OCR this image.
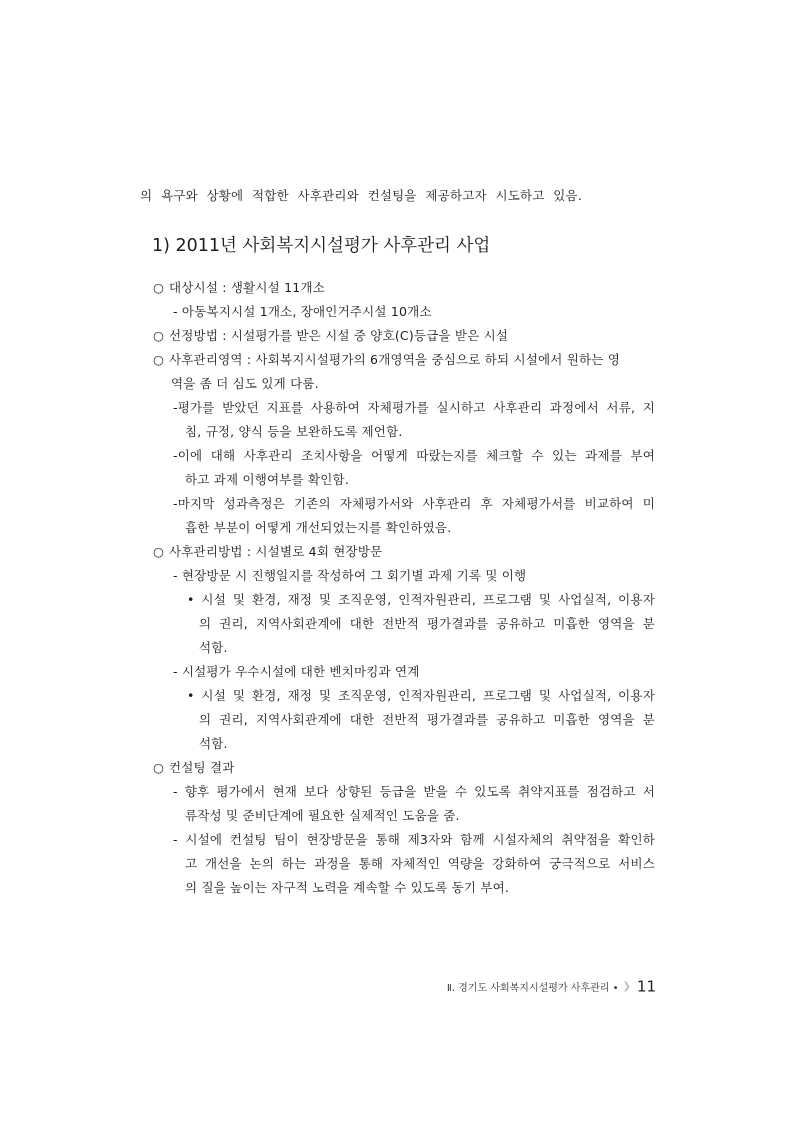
의 욕구와 상황에 적합한 사후관리와 컨설팅을 제공하고자 시도하고 있음.
1) 2011년 사회복지시설평가 사후관리 사업
○ 대상시설 : 생활시설 11개소
- 아동복지시설 1개소, 장애인거주시설 10개소
○ 선정방법 : 시설평가를 받은 시설 중 양호(C)등급을 받은 시설
○ 사후관리영역 : 사회복지시설평가의 6개영역을 중심으로 하되 시설에서 원하는 영
역을 좀 더 심도 있게 다룸.
-평가를 받았던 지표를 사용하여 자체평가를 실시하고 사후관리 과정에서 서류, 지
침, 규정, 양식 등을 보완하도록 제언함.
-이에 대해 사후관리 조치사항을 어떻게 따랐는지를 체크할 수 있는 과제를 부여
하고 과제 이행여부를 확인함.
-마지막 성과측정은 기존의 자체평가서와 사후관리 후 자체평가서를 비교하여 미
흡한 부분이 어떻게 개선되었는지를 확인하였음.
○ 사후관리방법 : 시설별로 4회 현장방문
- 현장방문 시 진행일지를 작성하여 그 회기별 과제 기록 및 이행
• 시설 및 환경, 재정 및 조직운영, 인적자원관리, 프로그램 및 사업실적, 이용자
의 권리, 지역사회관계에 대한 전반적 평가결과를 공유하고 미흡한 영역을 분
석함.
- 시설평가 우수시설에 대한 벤치마킹과 연계
• 시설 및 환경, 재정 및 조직운영, 인적자원관리, 프로그램 및 사업실적, 이용자
의 권리, 지역사회관계에 대한 전반적 평가결과를 공유하고 미흡한 영역을 분
석함.
○ 컨설팅 결과
- 향후 평가에서 현재 보다 상향된 등급을 받을 수 있도록 취약지표를 점검하고 서
류작성 및 준비단계에 필요한 실제적인 도움을 줌.
- 시설에 컨설팅 팀이 현장방문을 통해 제3자와 함께 시설자체의 취약점을 확인하
고 개선을 논의 하는 과정을 통해 자체적인 역량을 강화하여 궁극적으로 서비스
의 질을 높이는 자구적 노력을 계속할 수 있도록 동기 부여.
Ⅱ. 경기도 사회복지시설평가 사후관리 • ❯ 11
